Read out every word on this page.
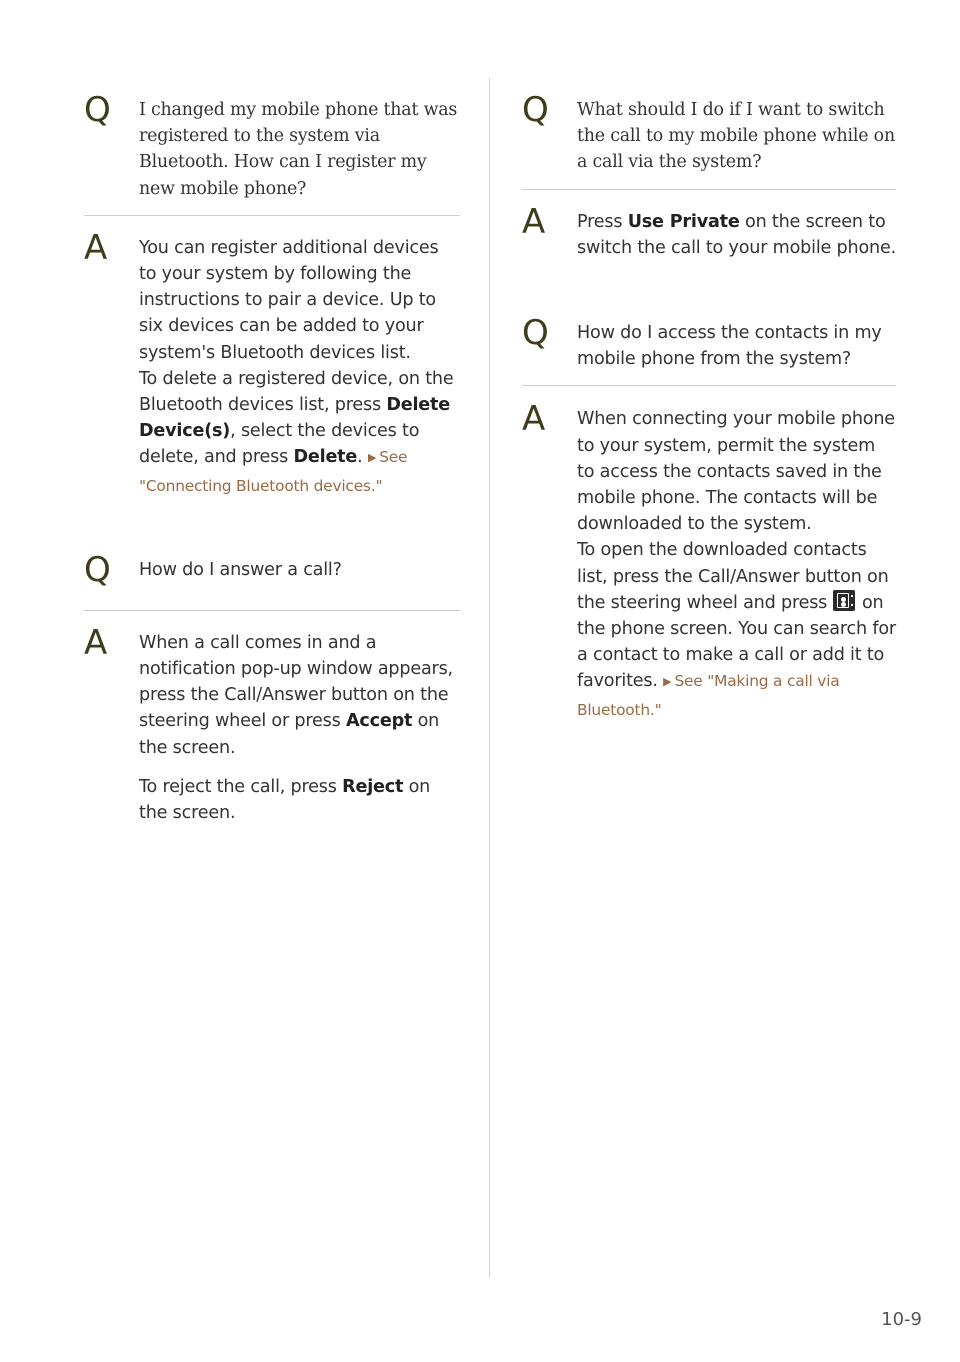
Q	I changed my mobile phone that was registered to the system via Bluetooth. How can I register my new mobile phone?
A	You can register additional devices to your system by following the instructions to pair a device. Up to six devices can be added to your system's Bluetooth devices list.

To delete a registered device, on the Bluetooth devices list, press Delete Device(s), select the devices to delete, and press Delete. ▶ See "Connecting Bluetooth devices."

Q	How do I answer a call?
A	When a call comes in and a notification pop-up window appears, press the Call/Answer button on the steering wheel or press Accept on the screen.

To reject the call, press Reject on the screen.

Q	What should I do if I want to switch the call to my mobile phone while on a call via the system?
A	Press Use Private on the screen to switch the call to your mobile phone.

Q	How do I access the contacts in my mobile phone from the system?
A	When connecting your mobile phone to your system, permit the system to access the contacts saved in the mobile phone. The contacts will be downloaded to the system.

To open the downloaded contacts list, press the Call/Answer button on the steering wheel and press
on the phone screen. You can search for a contact to make a call or add it to favorites. ▶ See "Making a call via Bluetooth."

10-9
